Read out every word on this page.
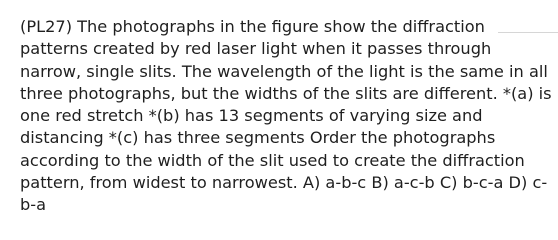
(PL27) The photographs in the figure show the diffraction patterns created by red laser light when it passes through narrow, single slits. The wavelength of the light is the same in all three photographs, but the widths of the slits are different. *(a) is one red stretch *(b) has 13 segments of varying size and distancing *(c) has three segments Order the photographs according to the width of the slit used to create the diffraction pattern, from widest to narrowest. A) a-b-c B) a-c-b C) b-c-a D) c-b-a
